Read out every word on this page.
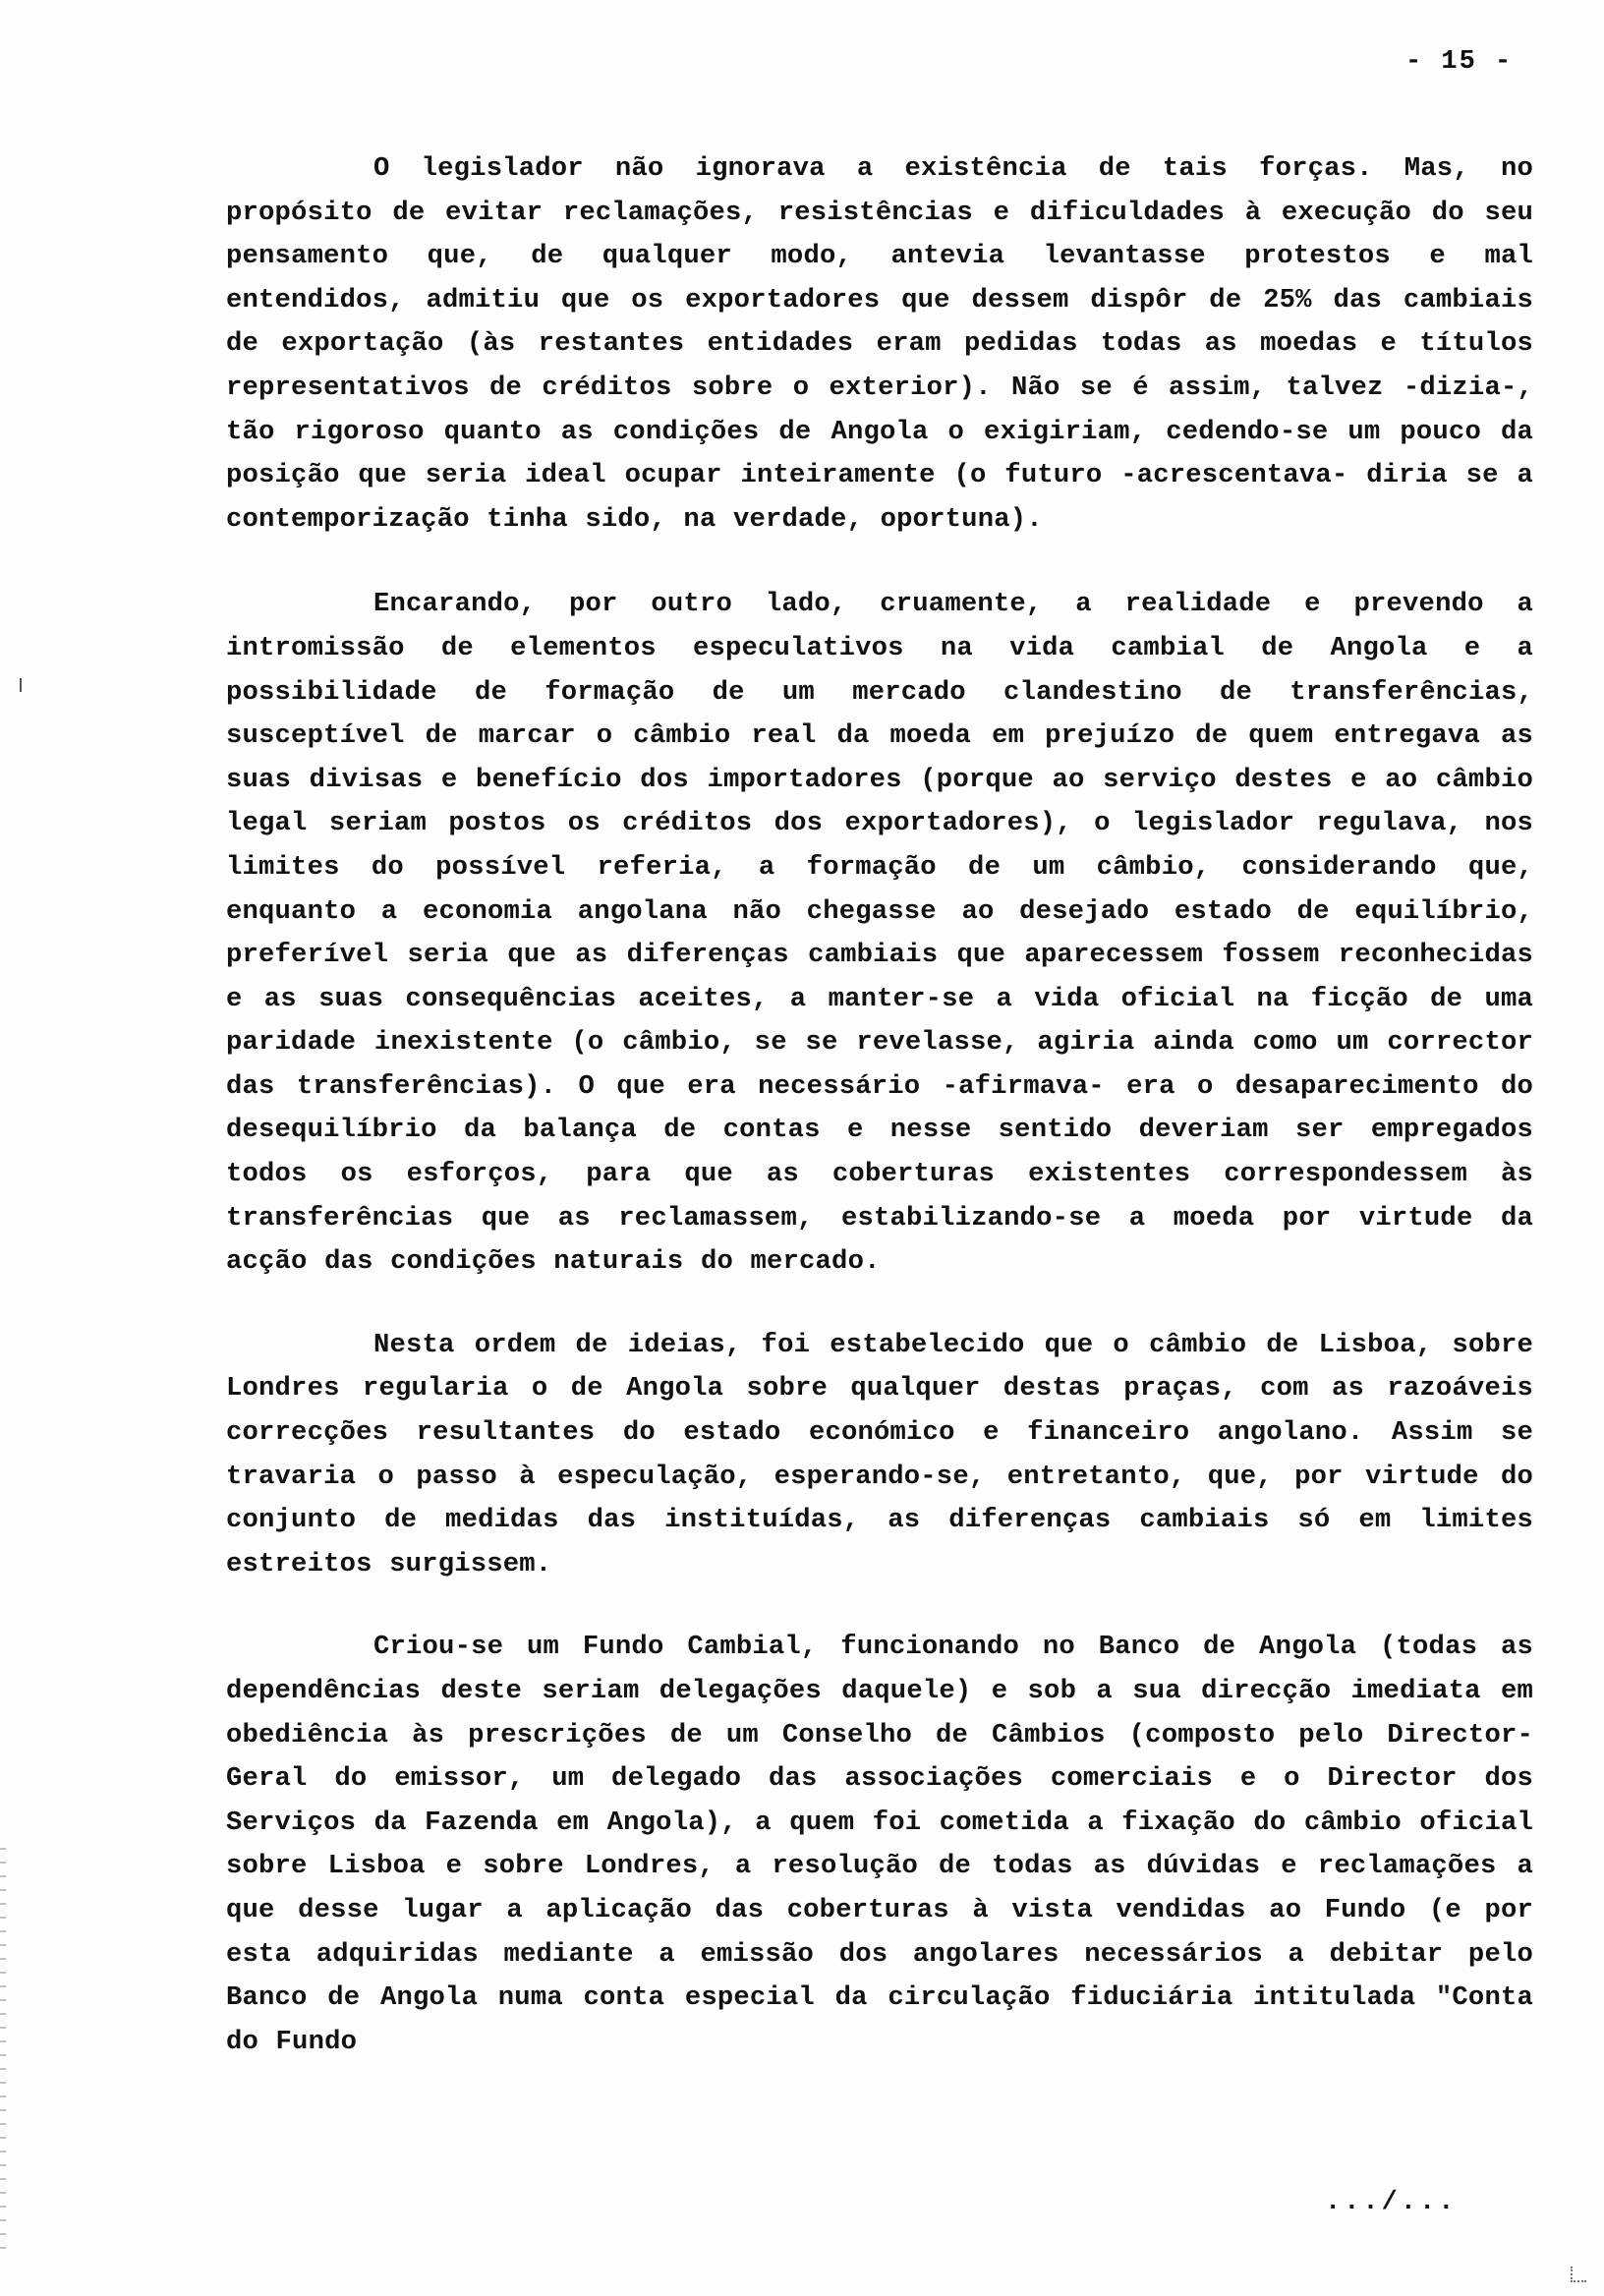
- 15 -

O legislador não ignorava a existência de tais forças. Mas, no propósito de evitar reclamações, resistências e dificuldades à execução do seu pensamento que, de qualquer modo, antevia levantasse protestos e mal entendidos, admitiu que os exportadores que dessem dispôr de 25% das cambiais de exportação (às restantes entidades eram pedidas todas as moedas e títulos representativos de créditos sobre o exterior). Não se é assim, talvez -dizia-, tão rigoroso quanto as condições de Angola o exigiriam, cedendo-se um pouco da posição que seria ideal ocupar inteiramente (o futuro -acrescentava- diria se a contemporização tinha sido, na verdade, oportuna).

Encarando, por outro lado, cruamente, a realidade e prevendo a intromissão de elementos especulativos na vida cambial de Angola e a possibilidade de formação de um mercado clandestino de transferências, susceptível de marcar o câmbio real da moeda em prejuízo de quem entregava as suas divisas e benefício dos importadores (porque ao serviço destes e ao câmbio legal seriam postos os créditos dos exportadores), o legislador regulava, nos limites do possível referia, a formação de um câmbio, considerando que, enquanto a economia angolana não chegasse ao desejado estado de equilíbrio, preferível seria que as diferenças cambiais que aparecessem fossem reconhecidas e as suas consequências aceites, a manter-se a vida oficial na ficção de uma paridade inexistente (o câmbio, se se revelasse, agiria ainda como um corrector das transferências). O que era necessário -afirmava- era o desaparecimento do desequilíbrio da balança de contas e nesse sentido deveriam ser empregados todos os esforços, para que as coberturas existentes correspondessem às transferências que as reclamassem, estabilizando-se a moeda por virtude da acção das condições naturais do mercado.

Nesta ordem de ideias, foi estabelecido que o câmbio de Lisboa, sobre Londres regularia o de Angola sobre qualquer destas praças, com as razoáveis correcções resultantes do estado económico e financeiro angolano. Assim se travaria o passo à especulação, esperando-se, entretanto, que, por virtude do conjunto de medidas das instituídas, as diferenças cambiais só em limites estreitos surgissem.

Criou-se um Fundo Cambial, funcionando no Banco de Angola (todas as dependências deste seriam delegações daquele) e sob a sua direcção imediata em obediência às prescrições de um Conselho de Câmbios (composto pelo Director-Geral do emissor, um delegado das associações comerciais e o Director dos Serviços da Fazenda em Angola), a quem foi cometida a fixação do câmbio oficial sobre Lisboa e sobre Londres, a resolução de todas as dúvidas e reclamações a que desse lugar a aplicação das coberturas à vista vendidas ao Fundo (e por esta adquiridas mediante a emissão dos angolares necessários a debitar pelo Banco de Angola numa conta especial da circulação fiduciária intitulada "Conta do Fundo

.../...
